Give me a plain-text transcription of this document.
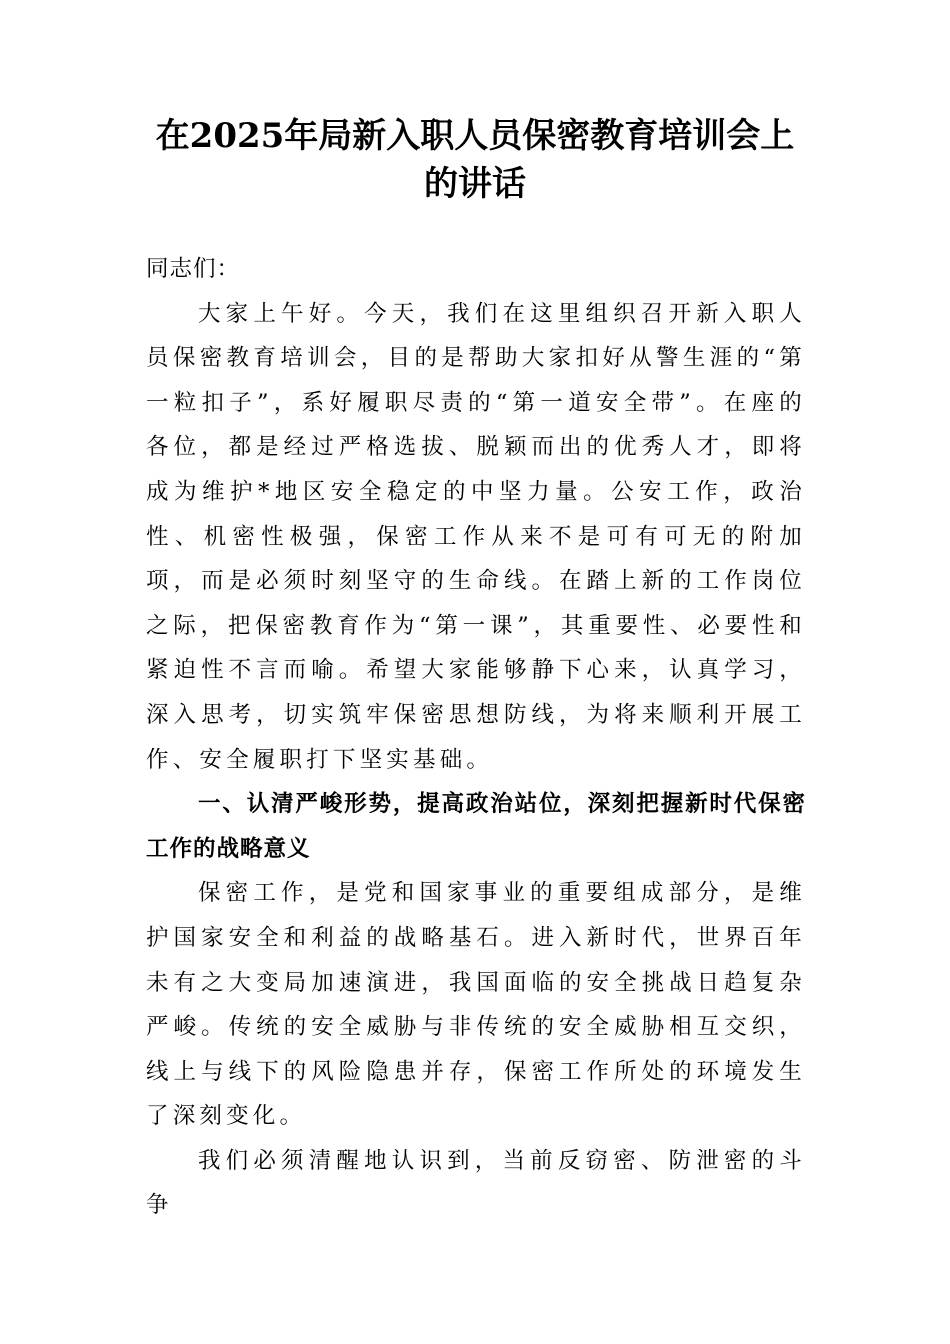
在2025年局新入职人员保密教育培训会上的讲话

同志们：

大家上午好。今天，我们在这里组织召开新入职人员保密教育培训会，目的是帮助大家扣好从警生涯的“第一粒扣子”，系好履职尽责的“第一道安全带”。在座的各位，都是经过严格选拔、脱颖而出的优秀人才，即将成为维护*地区安全稳定的中坚力量。公安工作，政治性、机密性极强，保密工作从来不是可有可无的附加项，而是必须时刻坚守的生命线。在踏上新的工作岗位之际，把保密教育作为“第一课”，其重要性、必要性和紧迫性不言而喻。希望大家能够静下心来，认真学习，深入思考，切实筑牢保密思想防线，为将来顺利开展工作、安全履职打下坚实基础。

一、认清严峻形势，提高政治站位，深刻把握新时代保密工作的战略意义

保密工作，是党和国家事业的重要组成部分，是维护国家安全和利益的战略基石。进入新时代，世界百年未有之大变局加速演进，我国面临的安全挑战日趋复杂严峻。传统的安全威胁与非传统的安全威胁相互交织，线上与线下的风险隐患并存，保密工作所处的环境发生了深刻变化。

我们必须清醒地认识到，当前反窃密、防泄密的斗争
